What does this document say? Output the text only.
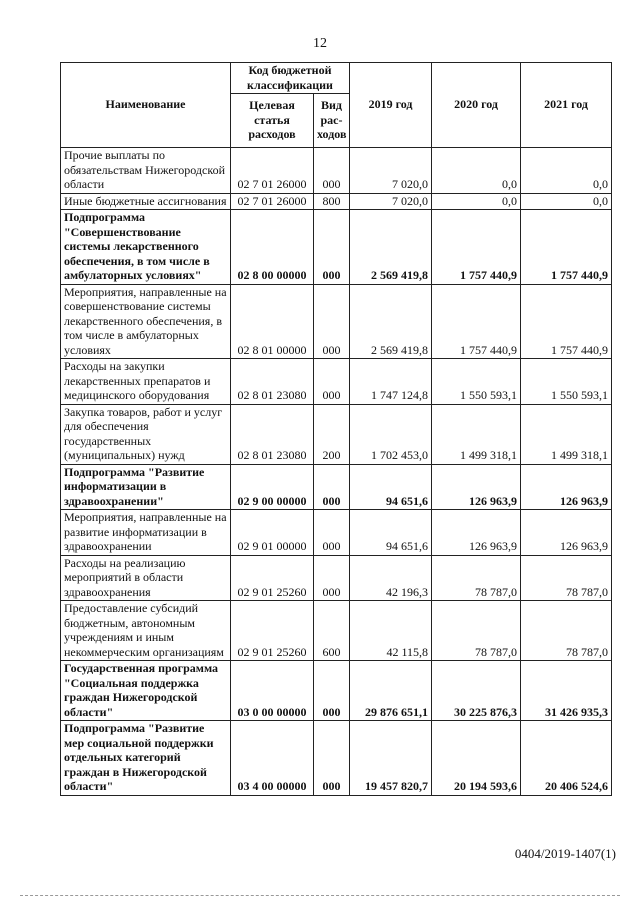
12
Наименование	Код бюджетной классификации		2019 год	2020 год	2021 год
	Целевая статья расходов	Вид рас-ходов			
Прочие выплаты по обязательствам Нижегородской области	02 7 01 26000	000	7 020,0	0,0	0,0
Иные бюджетные ассигнования	02 7 01 26000	800	7 020,0	0,0	0,0
Подпрограмма "Совершенствование системы лекарственного обеспечения, в том числе в амбулаторных условиях"	02 8 00 00000	000	2 569 419,8	1 757 440,9	1 757 440,9
Мероприятия, направленные на совершенствование системы лекарственного обеспечения, в том числе в амбулаторных условиях	02 8 01 00000	000	2 569 419,8	1 757 440,9	1 757 440,9
Расходы на закупки лекарственных препаратов и медицинского оборудования	02 8 01 23080	000	1 747 124,8	1 550 593,1	1 550 593,1
Закупка товаров, работ и услуг для обеспечения государственных (муниципальных) нужд	02 8 01 23080	200	1 702 453,0	1 499 318,1	1 499 318,1
Подпрограмма "Развитие информатизации в здравоохранении"	02 9 00 00000	000	94 651,6	126 963,9	126 963,9
Мероприятия, направленные на развитие информатизации в здравоохранении	02 9 01 00000	000	94 651,6	126 963,9	126 963,9
Расходы на реализацию мероприятий в области здравоохранения	02 9 01 25260	000	42 196,3	78 787,0	78 787,0
Предоставление субсидий бюджетным, автономным учреждениям и иным некоммерческим организациям	02 9 01 25260	600	42 115,8	78 787,0	78 787,0
Государственная программа "Социальная поддержка граждан Нижегородской области"	03 0 00 00000	000	29 876 651,1	30 225 876,3	31 426 935,3
Подпрограмма "Развитие мер социальной поддержки отдельных категорий граждан в Нижегородской области"	03 4 00 00000	000	19 457 820,7	20 194 593,6	20 406 524,6
0404/2019-1407(1)
